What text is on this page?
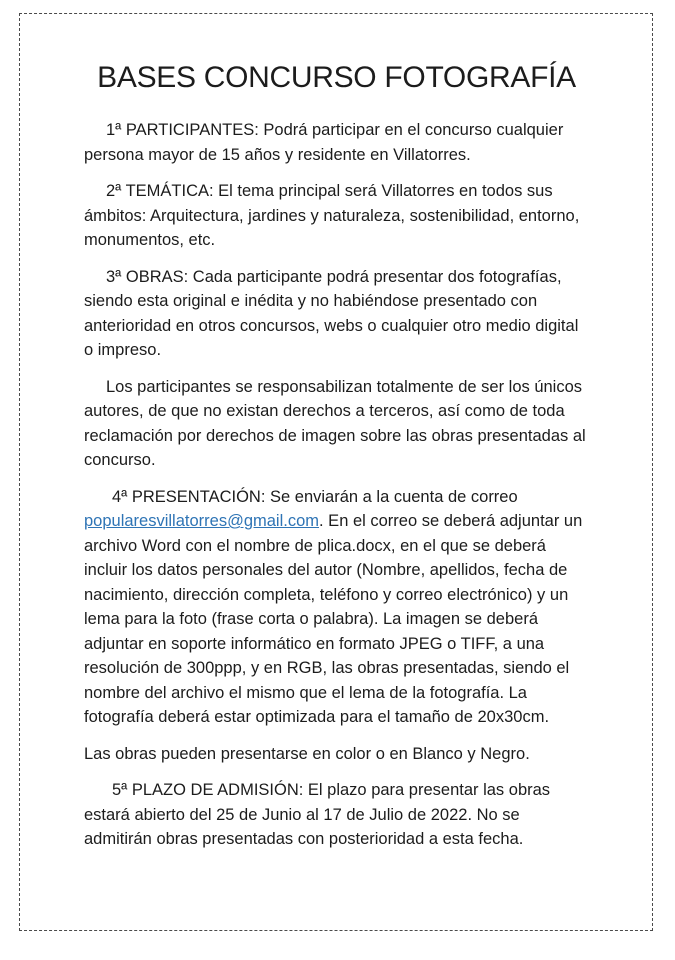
BASES CONCURSO FOTOGRAFÍA

1ª PARTICIPANTES: Podrá participar en el concurso cualquier persona mayor de 15 años y residente en Villatorres.

2ª TEMÁTICA: El tema principal será Villatorres en todos sus ámbitos: Arquitectura, jardines y naturaleza, sostenibilidad, entorno, monumentos, etc.

3ª OBRAS: Cada participante podrá presentar dos fotografías, siendo esta original e inédita y no habiéndose presentado con anterioridad en otros concursos, webs o cualquier otro medio digital o impreso.

Los participantes se responsabilizan totalmente de ser los únicos autores, de que no existan derechos a terceros, así como de toda reclamación por derechos de imagen sobre las obras presentadas al concurso.

4ª PRESENTACIÓN: Se enviarán a la cuenta de correo popularesvillatorres@gmail.com. En el correo se deberá adjuntar un archivo Word con el nombre de plica.docx, en el que se deberá incluir los datos personales del autor (Nombre, apellidos, fecha de nacimiento, dirección completa, teléfono y correo electrónico) y un lema para la foto (frase corta o palabra). La imagen se deberá adjuntar en soporte informático en formato JPEG o TIFF, a una resolución de 300ppp, y en RGB, las obras presentadas, siendo el nombre del archivo el mismo que el lema de la fotografía. La fotografía deberá estar optimizada para el tamaño de 20x30cm.

Las obras pueden presentarse en color o en Blanco y Negro.

5ª PLAZO DE ADMISIÓN: El plazo para presentar las obras estará abierto del 25 de Junio al 17 de Julio de 2022. No se admitirán obras presentadas con posterioridad a esta fecha.
